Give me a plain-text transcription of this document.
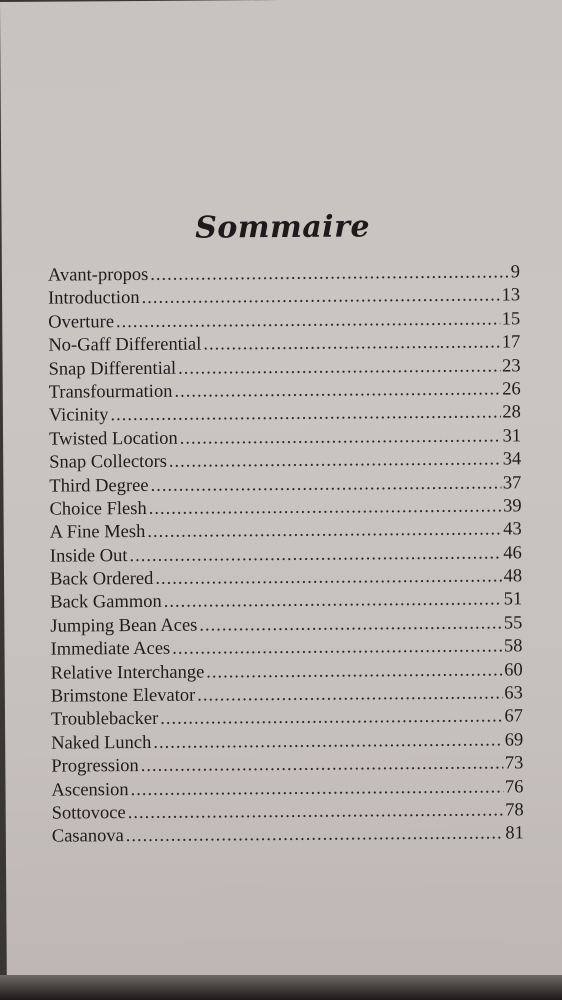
Sommaire
Avant-propos .....	9
Introduction .....	13
Overture .....	15
No-Gaff Differential .....	17
Snap Differential .....	23
Transfourmation .....	26
Vicinity .....	28
Twisted Location .....	31
Snap Collectors .....	34
Third Degree .....	37
Choice Flesh .....	39
A Fine Mesh .....	43
Inside Out .....	46
Back Ordered .....	48
Back Gammon .....	51
Jumping Bean Aces .....	55
Immediate Aces .....	58
Relative Interchange .....	60
Brimstone Elevator .....	63
Troublebacker .....	67
Naked Lunch .....	69
Progression .....	73
Ascension .....	76
Sottovoce .....	78
Casanova .....	81
